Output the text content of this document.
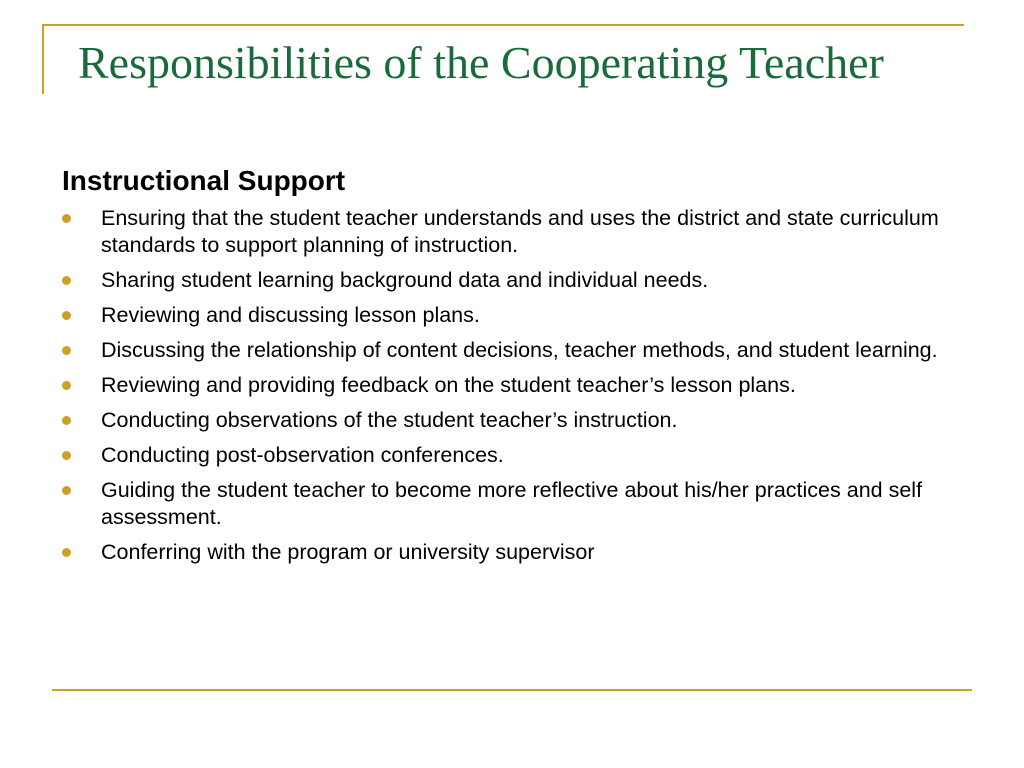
Responsibilities of the Cooperating Teacher
Instructional Support
Ensuring that the student teacher understands and uses the district and state curriculum standards to support planning of instruction.
Sharing student learning background data and individual needs.
Reviewing and discussing lesson plans.
Discussing the relationship of content decisions, teacher methods, and student learning.
Reviewing and providing feedback on the student teacher’s lesson plans.
Conducting observations of the student teacher’s instruction.
Conducting post-observation conferences.
Guiding the student teacher to become more reflective about his/her practices and self assessment.
Conferring with the program or university supervisor
